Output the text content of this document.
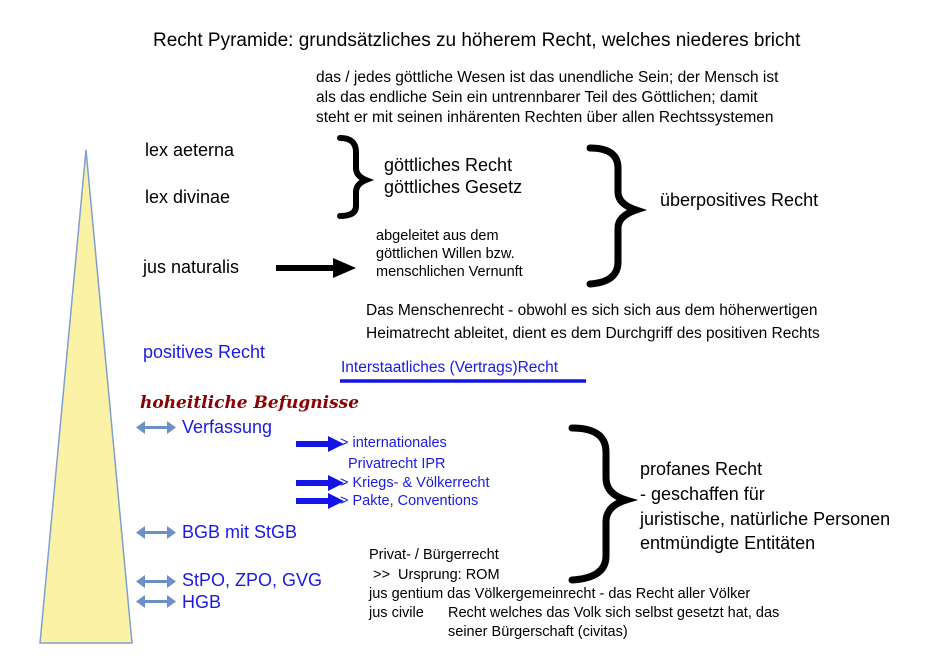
Recht Pyramide: grundsätzliches zu höherem Recht, welches niederes bricht
das / jedes göttliche Wesen ist das unendliche Sein; der Mensch ist
als das endliche Sein ein untrennbarer Teil des Göttlichen; damit
steht er mit seinen inhärenten Rechten über allen Rechtssystemen
lex aeterna
lex divinae
jus naturalis
göttliches Recht
göttliches Gesetz
abgeleitet aus dem
göttlichen Willen bzw.
menschlichen Vernunft
überpositives Recht
Das Menschenrecht - obwohl es sich sich aus dem höherwertigen
Heimatrecht ableitet, dient es dem Durchgriff des positiven Rechts
positives Recht
Interstaatliches (Vertrags)Recht
hoheitliche Befugnisse
Verfassung
BGB mit StGB
StPO, ZPO, GVG
HGB
> internationales
Privatrecht IPR
> Kriegs- & Völkerrecht
> Pakte, Conventions
profanes Recht
- geschaffen für
juristische, natürliche Personen
entmündigte Entitäten
Privat- / Bürgerrecht
>>  Ursprung: ROM
jus gentium das Völkergemeinrecht - das Recht aller Völker
jus civile Recht welches das Volk sich selbst gesetzt hat, das
seiner Bürgerschaft (civitas)
